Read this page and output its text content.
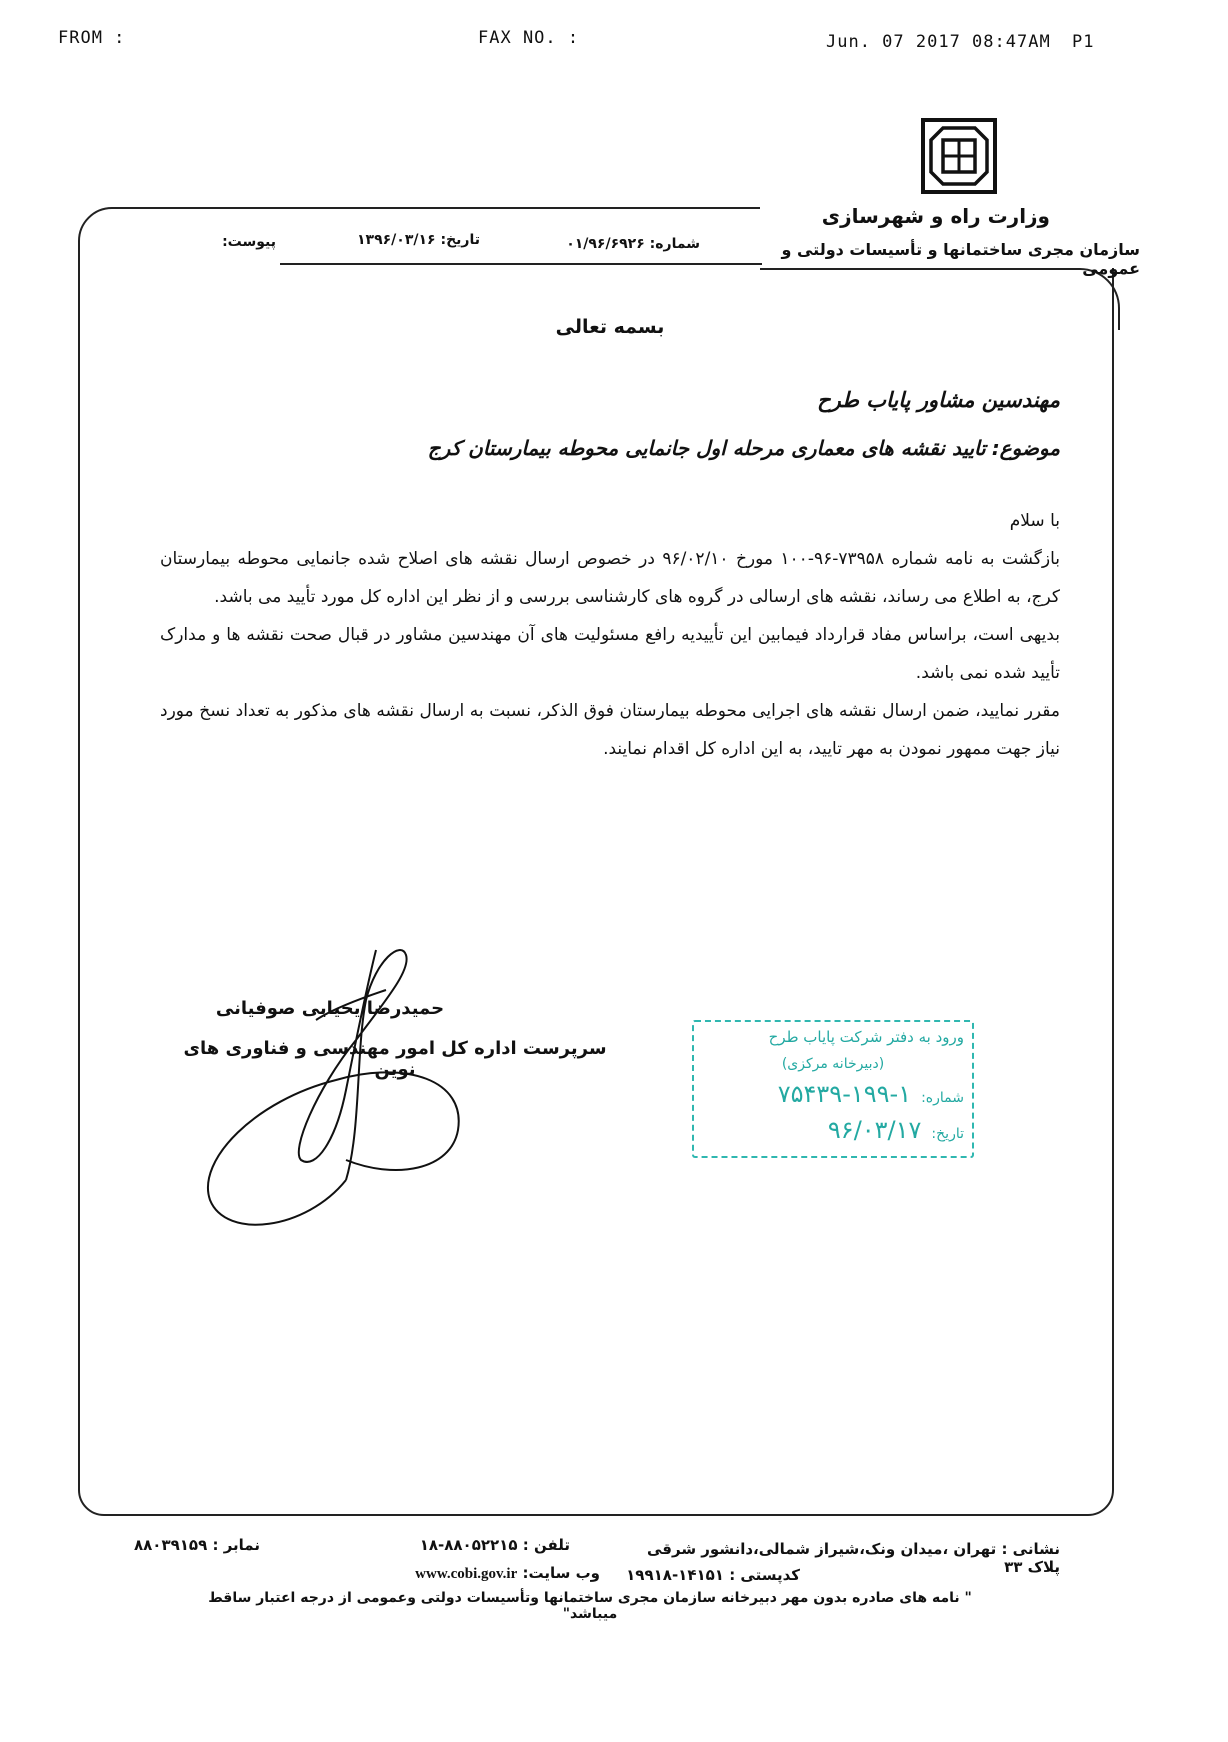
FROM :	FAX NO. :	Jun. 07 2017 08:47AM P1
وزارت راه و شهرسازی
سازمان مجری ساختمانها و تأسیسات دولتی و عمومی
شماره: ۰۱/۹۶/۶۹۲۶
تاریخ: ۱۳۹۶/۰۳/۱۶
پیوست:
بسمه تعالی
مهندسین مشاور پایاب طرح
موضوع:تایید نقشه های معماری مرحله اول جانمایی محوطه بیمارستان کرج

با سلام

بازگشت به نامه شماره ۷۳۹۵۸-۹۶-۱۰۰ مورخ ۹۶/۰۲/۱۰ در خصوص ارسال نقشه های اصلاح شده جانمایی محوطه بیمارستان کرج، به اطلاع می رساند، نقشه های ارسالی در گروه های کارشناسی بررسی و از نظر این اداره کل مورد تأیید می باشد.

بدیهی است، براساس مفاد قرارداد فیمابین این تأییدیه رافع مسئولیت های آن مهندسین مشاور در قبال صحت نقشه ها و مدارک تأیید شده نمی باشد.

مقرر نمایید، ضمن ارسال نقشه های اجرایی محوطه بیمارستان فوق الذکر، نسبت به ارسال نقشه های مذکور به تعداد نسخ مورد نیاز جهت ممهور نمودن به مهر تایید، به این اداره کل اقدام نمایند.

حمیدرضا یحیایی صوفیانی
سرپرست اداره کل امور مهندسی و فناوری های نوین
ورود به دفتر شرکت پایاب طرح
(دبیرخانه مرکزی)
شماره:۱-۱۹۹-۷۵۴۳۹
تاریخ:۹۶/۰۳/۱۷
نشانی : تهران ،میدان ونک،شیراز شمالی،دانشور شرقی پلاک ۳۳
تلفن : ۸۸۰۵۲۲۱۵-۱۸
نمابر : ۸۸۰۳۹۱۵۹
کدپستی : ۱۴۱۵۱-۱۹۹۱۸
وب سایت: www.cobi.gov.ir
" نامه های صادره بدون مهر دبیرخانه سازمان مجری ساختمانها وتأسیسات دولتی وعمومی از درجه اعتبار ساقط میباشد"
